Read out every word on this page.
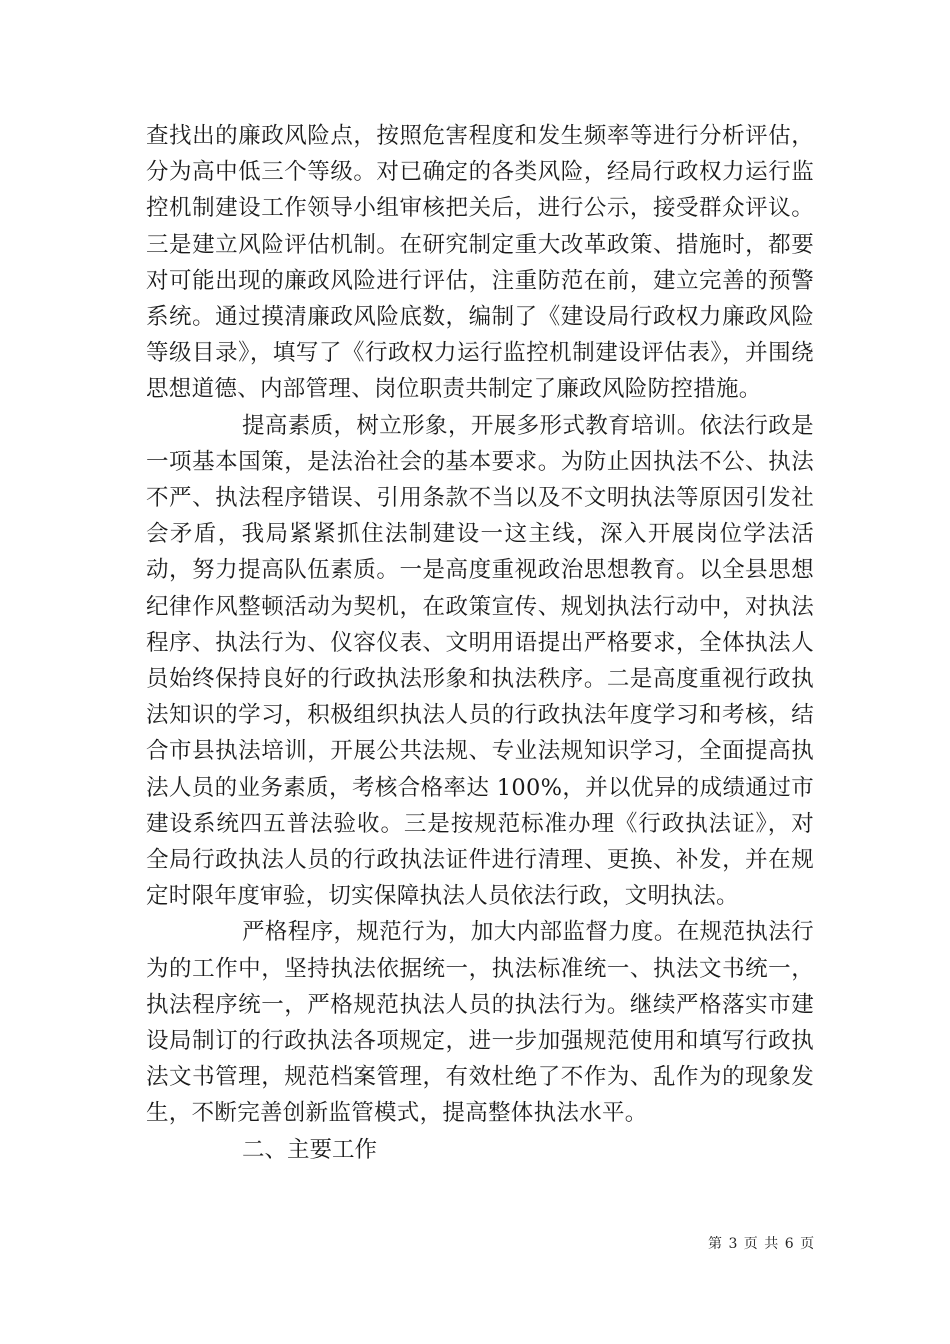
查找出的廉政风险点，按照危害程度和发生频率等进行分析评估，分为高中低三个等级。对已确定的各类风险，经局行政权力运行监控机制建设工作领导小组审核把关后，进行公示，接受群众评议。三是建立风险评估机制。在研究制定重大改革政策、措施时，都要对可能出现的廉政风险进行评估，注重防范在前，建立完善的预警系统。通过摸清廉政风险底数，编制了《建设局行政权力廉政风险等级目录》，填写了《行政权力运行监控机制建设评估表》，并围绕思想道德、内部管理、岗位职责共制定了廉政风险防控措施。

提高素质，树立形象，开展多形式教育培训。依法行政是一项基本国策，是法治社会的基本要求。为防止因执法不公、执法不严、执法程序错误、引用条款不当以及不文明执法等原因引发社会矛盾，我局紧紧抓住法制建设一这主线，深入开展岗位学法活动，努力提高队伍素质。一是高度重视政治思想教育。以全县思想纪律作风整顿活动为契机，在政策宣传、规划执法行动中，对执法程序、执法行为、仪容仪表、文明用语提出严格要求，全体执法人员始终保持良好的行政执法形象和执法秩序。二是高度重视行政执法知识的学习，积极组织执法人员的行政执法年度学习和考核，结合市县执法培训，开展公共法规、专业法规知识学习，全面提高执法人员的业务素质，考核合格率达 100%，并以优异的成绩通过市建设系统四五普法验收。三是按规范标准办理《行政执法证》，对全局行政执法人员的行政执法证件进行清理、更换、补发，并在规定时限年度审验，切实保障执法人员依法行政，文明执法。

严格程序，规范行为，加大内部监督力度。在规范执法行为的工作中，坚持执法依据统一，执法标准统一、执法文书统一，执法程序统一，严格规范执法人员的执法行为。继续严格落实市建设局制订的行政执法各项规定，进一步加强规范使用和填写行政执法文书管理，规范档案管理，有效杜绝了不作为、乱作为的现象发生，不断完善创新监管模式，提高整体执法水平。

二、主要工作

第 3 页 共 6 页
